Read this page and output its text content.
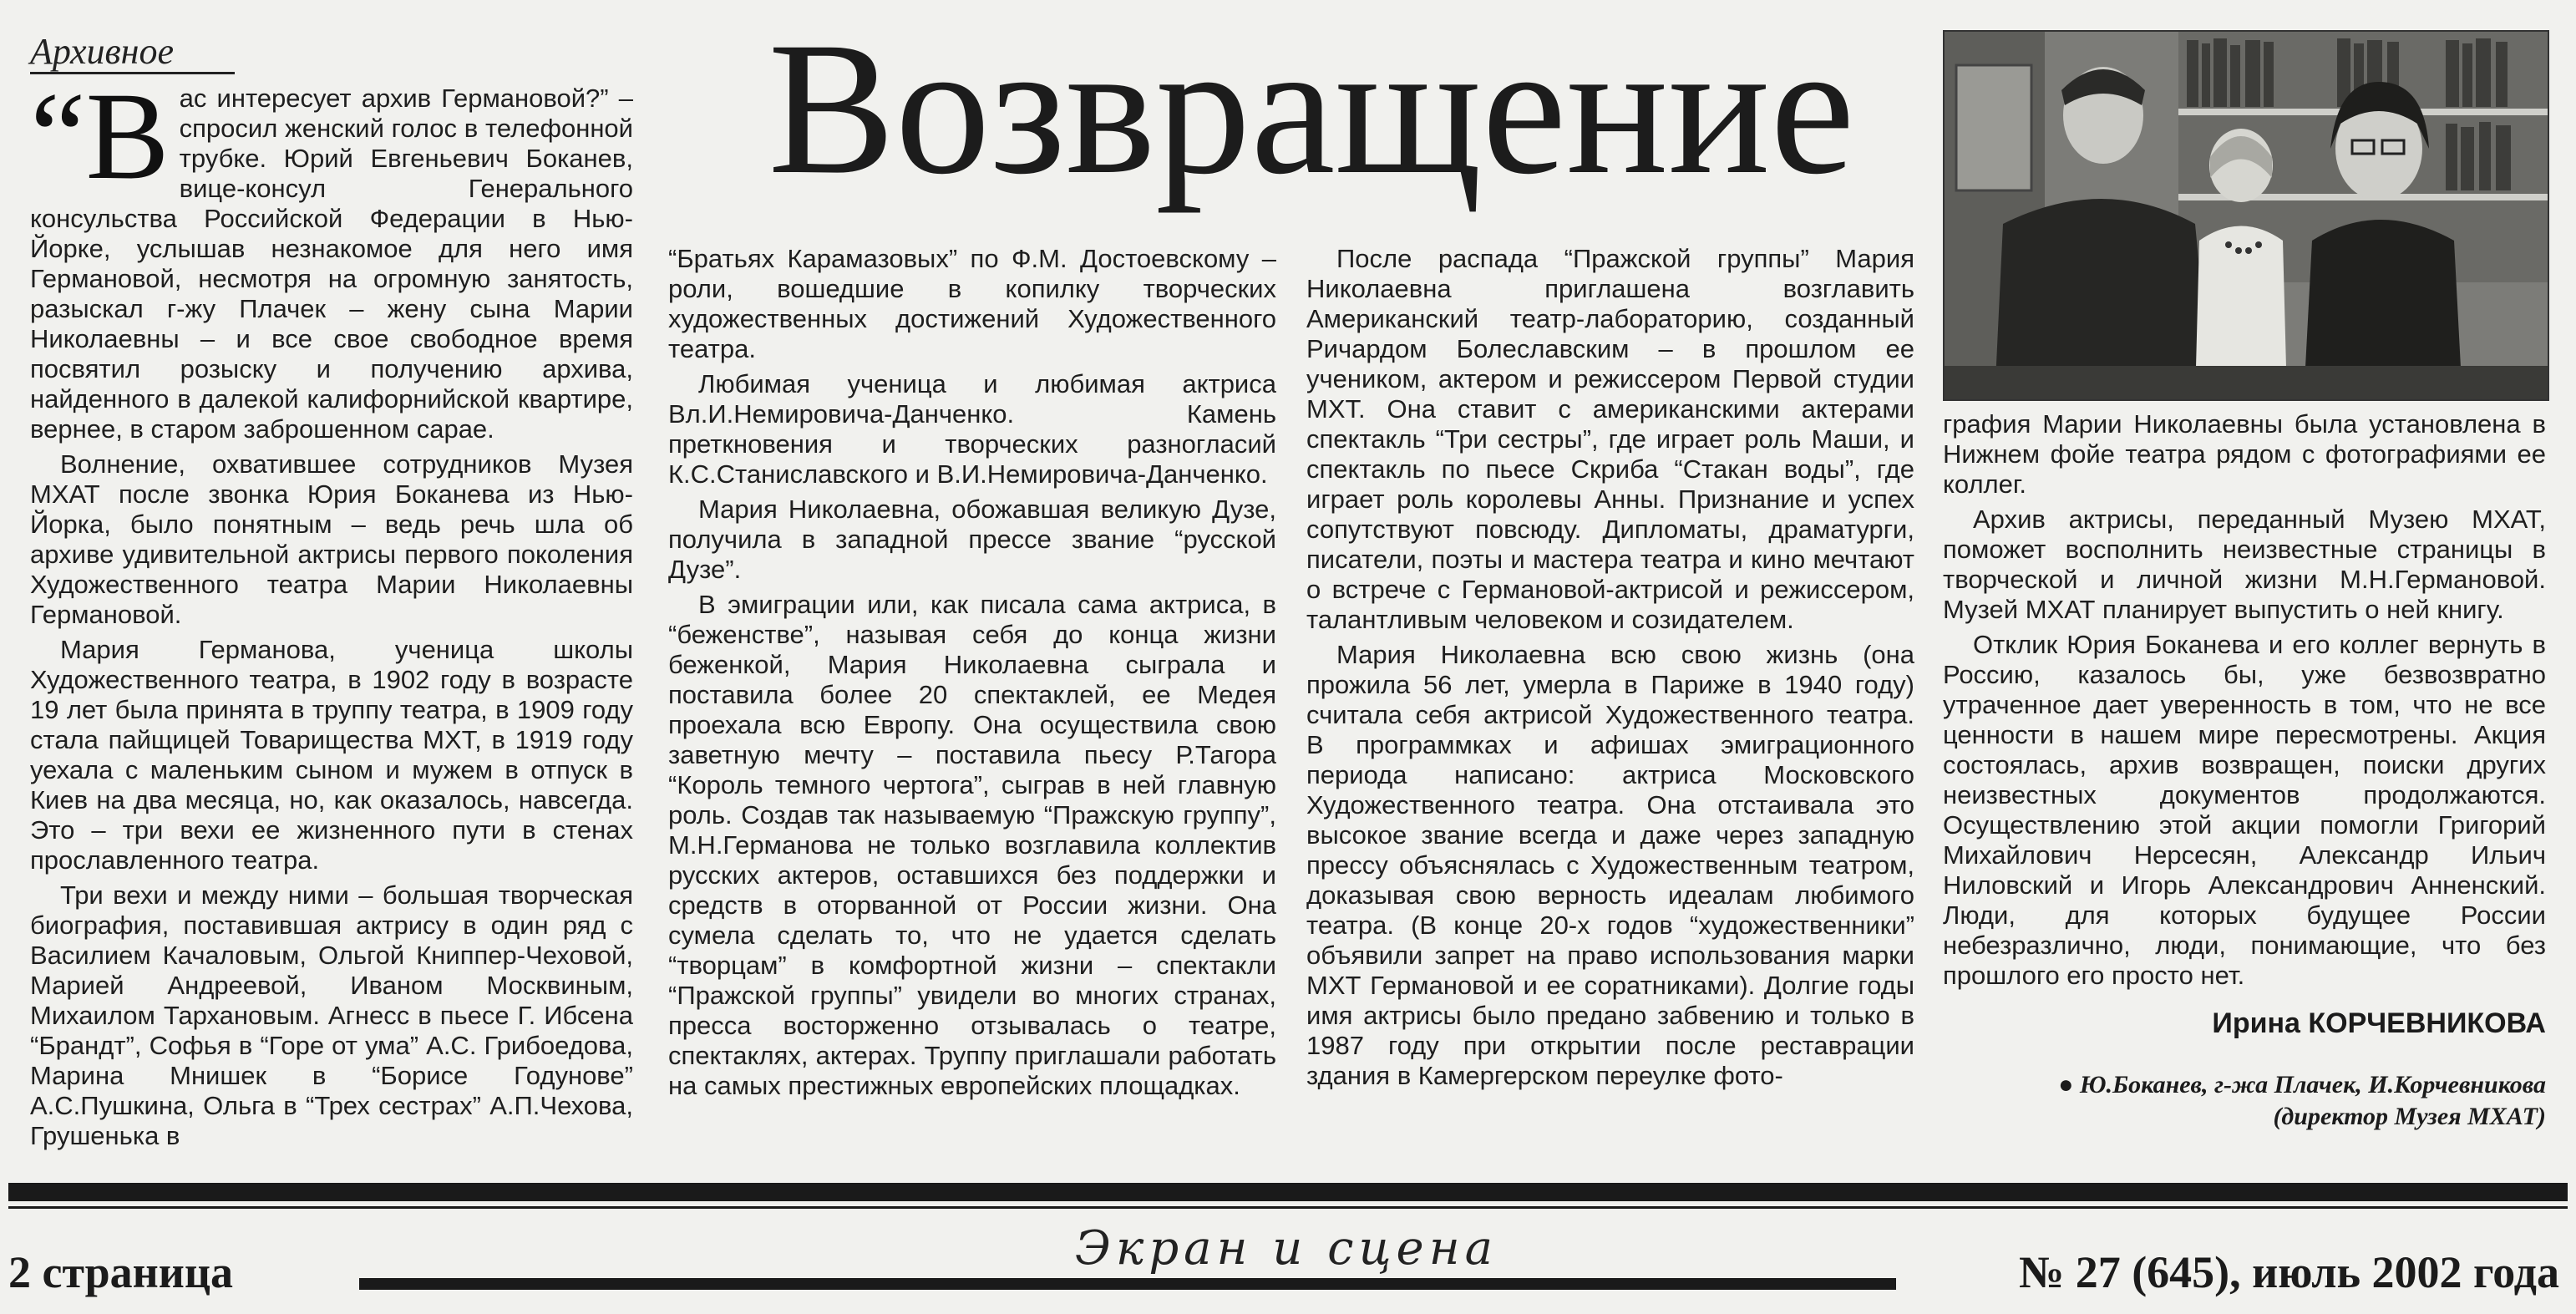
Архивное	Возвращение
“В ас интересует архив Германовой?” – спросил женский голос в телефонной трубке. Юрий Евгеньевич Боканев, вице-консул Генерального консульства Российской Федерации в Нью-Йорке, услышав незнакомое для него имя Германовой, несмотря на огромную занятость, разыскал г-жу Плачек – жену сына Марии Николаевны – и все свое свободное время посвятил розыску и получению архива, найденного в далекой калифорнийской квартире, вернее, в старом заброшенном сарае.

Волнение, охватившее сотрудников Музея МХАТ после звонка Юрия Боканева из Нью-Йорка, было понятным – ведь речь шла об архиве удивительной актрисы первого поколения Художественного театра Марии Николаевны Германовой.

Мария Германова, ученица школы Художественного театра, в 1902 году в возрасте 19 лет была принята в труппу театра, в 1909 году стала пайщицей Товарищества МХТ, в 1919 году уехала с маленьким сыном и мужем в отпуск в Киев на два месяца, но, как оказалось, навсегда. Это – три вехи ее жизненного пути в стенах прославленного театра.

Три вехи и между ними – большая творческая биография, поставившая актрису в один ряд с Василием Качаловым, Ольгой Книппер-Чеховой, Марией Андреевой, Иваном Москвиным, Михаилом Тархановым. Агнесс в пьесе Г. Ибсена “Брандт”, Софья в “Горе от ума” А.С. Грибоедова, Марина Мнишек в “Борисе Годунове” А.С.Пушкина, Ольга в “Трех сестрах” А.П.Чехова, Грушенька в

“Братьях Карамазовых” по Ф.М. Достоевскому – роли, вошедшие в копилку творческих художественных достижений Художественного театра.

Любимая ученица и любимая актриса Вл.И.Немировича-Данченко. Камень преткновения и творческих разногласий К.С.Станиславского и В.И.Немировича-Данченко.

Мария Николаевна, обожавшая великую Дузе, получила в западной прессе звание “русской Дузе”.

В эмиграции или, как писала сама актриса, в “беженстве”, называя себя до конца жизни беженкой, Мария Николаевна сыграла и поставила более 20 спектаклей, ее Медея проехала всю Европу. Она осуществила свою заветную мечту – поставила пьесу Р.Тагора “Король темного чертога”, сыграв в ней главную роль. Создав так называемую “Пражскую группу”, М.Н.Германова не только возглавила коллектив русских актеров, оставшихся без поддержки и средств в оторванной от России жизни. Она сумела сделать то, что не удается сделать “творцам” в комфортной жизни – спектакли “Пражской группы” увидели во многих странах, пресса восторженно отзывалась о театре, спектаклях, актерах. Труппу приглашали работать на самых престижных европейских площадках.

После распада “Пражской группы” Мария Николаевна приглашена возглавить Американский театр-лабораторию, созданный Ричардом Болеславским – в прошлом ее учеником, актером и режиссером Первой студии МХТ. Она ставит с американскими актерами спектакль “Три сестры”, где играет роль Маши, и спектакль по пьесе Скриба “Стакан воды”, где играет роль королевы Анны. Признание и успех сопутствуют повсюду. Дипломаты, драматурги, писатели, поэты и мастера театра и кино мечтают о встрече с Германовой-актрисой и режиссером, талантливым человеком и созидателем.

Мария Николаевна всю свою жизнь (она прожила 56 лет, умерла в Париже в 1940 году) считала себя актрисой Художественного театра. В программках и афишах эмиграционного периода написано: актриса Московского Художественного театра. Она отстаивала это высокое звание всегда и даже через западную прессу объяснялась с Художественным театром, доказывая свою верность идеалам любимого театра. (В конце 20-х годов “художественники” объявили запрет на право использования марки МХТ Германовой и ее соратниками). Долгие годы имя актрисы было предано забвению и только в 1987 году при открытии после реставрации здания в Камергерском переулке фото-

графия Марии Николаевны была установлена в Нижнем фойе театра рядом с фотографиями ее коллег.

Архив актрисы, переданный Музею МХАТ, поможет восполнить неизвестные страницы в творческой и личной жизни М.Н.Германовой. Музей МХАТ планирует выпустить о ней книгу.

Отклик Юрия Боканева и его коллег вернуть в Россию, казалось бы, уже безвозвратно утраченное дает уверенность в том, что не все ценности в нашем мире пересмотрены. Акция состоялась, архив возвращен, поиски других неизвестных документов продолжаются. Осуществлению этой акции помогли Григорий Михайлович Нерсесян, Александр Ильич Ниловский и Игорь Александрович Анненский. Люди, для которых будущее России небезразлично, люди, понимающие, что без прошлого его просто нет.

Ирина КОРЧЕВНИКОВА
● Ю.Боканев, г-жа Плачек, И.Корчевникова
(директор Музея МХАТ)
2 страница	Экран и сцена	№ 27 (645), июль 2002 года
